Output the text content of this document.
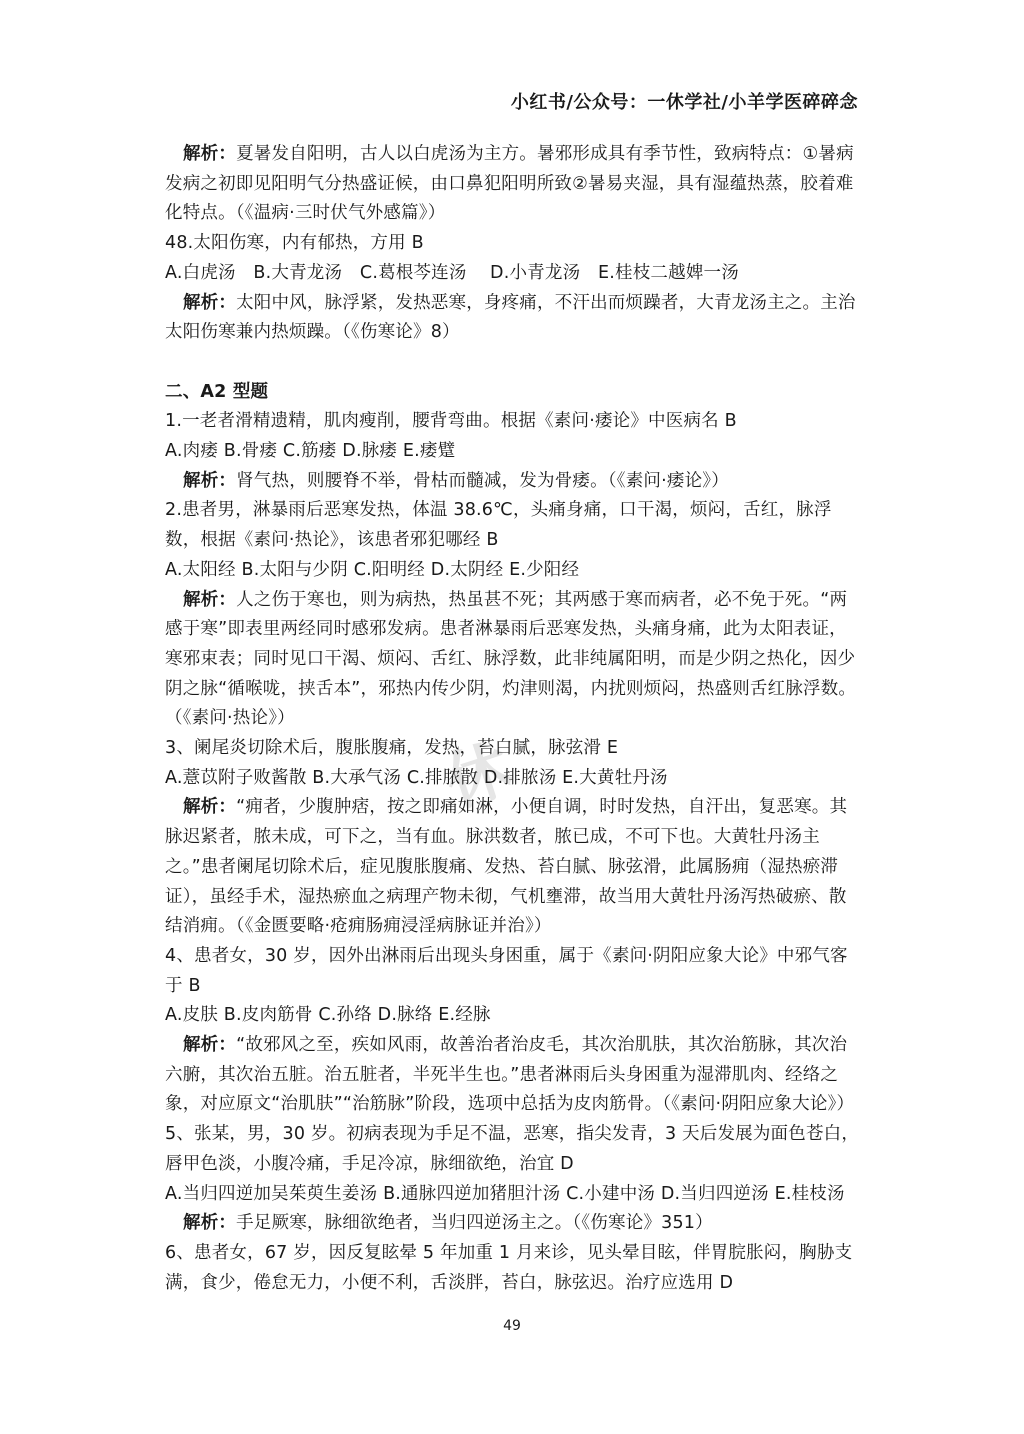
小红书/公众号：一休学社/小羊学医碎碎念
休

解析：夏暑发自阳明，古人以白虎汤为主方。暑邪形成具有季节性，致病特点：①暑病发病之初即见阳明气分热盛证候，由口鼻犯阳明所致②暑易夹湿，具有湿蕴热蒸，胶着难化特点。（《温病·三时伏气外感篇》）

48.太阳伤寒，内有郁热，方用 B

A.白虎汤　B.大青龙汤　C.葛根芩连汤　 D.小青龙汤　E.桂枝二越婢一汤

解析：太阳中风，脉浮紧，发热恶寒，身疼痛，不汗出而烦躁者，大青龙汤主之。主治太阳伤寒兼内热烦躁。（《伤寒论》8）

二、A2 型题

1.一老者滑精遗精，肌肉瘦削，腰背弯曲。根据《素问·痿论》中医病名 B

A.肉痿 B.骨痿 C.筋痿 D.脉痿 E.痿躄

解析：肾气热，则腰脊不举，骨枯而髓减，发为骨痿。（《素问·痿论》）

2.患者男，淋暴雨后恶寒发热，体温 38.6℃，头痛身痛，口干渴，烦闷，舌红，脉浮数，根据《素问·热论》，该患者邪犯哪经 B

A.太阳经 B.太阳与少阴 C.阳明经 D.太阴经 E.少阳经

解析：人之伤于寒也，则为病热，热虽甚不死；其两感于寒而病者，必不免于死。“两感于寒”即表里两经同时感邪发病。患者淋暴雨后恶寒发热，头痛身痛，此为太阳表证，寒邪束表；同时见口干渴、烦闷、舌红、脉浮数，此非纯属阳明，而是少阴之热化，因少阴之脉“循喉咙，挟舌本”，邪热内传少阴，灼津则渴，内扰则烦闷，热盛则舌红脉浮数。（《素问·热论》）

3、阑尾炎切除术后，腹胀腹痛，发热，苔白腻，脉弦滑 E

A.薏苡附子败酱散 B.大承气汤 C.排脓散 D.排脓汤 E.大黄牡丹汤

解析：“痈者，少腹肿痞，按之即痛如淋，小便自调，时时发热，自汗出，复恶寒。其脉迟紧者，脓未成，可下之，当有血。脉洪数者，脓已成，不可下也。大黄牡丹汤主之。”患者阑尾切除术后，症见腹胀腹痛、发热、苔白腻、脉弦滑，此属肠痈（湿热瘀滞证），虽经手术，湿热瘀血之病理产物未彻，气机壅滞，故当用大黄牡丹汤泻热破瘀、散结消痈。（《金匮要略·疮痈肠痈浸淫病脉证并治》）

4、患者女，30 岁，因外出淋雨后出现头身困重，属于《素问·阴阳应象大论》中邪气客于 B

A.皮肤 B.皮肉筋骨 C.孙络 D.脉络 E.经脉

解析：“故邪风之至，疾如风雨，故善治者治皮毛，其次治肌肤，其次治筋脉，其次治六腑，其次治五脏。治五脏者，半死半生也。”患者淋雨后头身困重为湿滞肌肉、经络之象，对应原文“治肌肤”“治筋脉”阶段，选项中总括为皮肉筋骨。（《素问·阴阳应象大论》）

5、张某，男，30 岁。初病表现为手足不温，恶寒，指尖发青，3 天后发展为面色苍白，唇甲色淡，小腹冷痛，手足冷凉，脉细欲绝，治宜 D

A.当归四逆加吴茱萸生姜汤 B.通脉四逆加猪胆汁汤 C.小建中汤 D.当归四逆汤 E.桂枝汤

解析：手足厥寒，脉细欲绝者，当归四逆汤主之。（《伤寒论》351）

6、患者女，67 岁，因反复眩晕 5 年加重 1 月来诊，见头晕目眩，伴胃脘胀闷，胸胁支满，食少，倦怠无力，小便不利，舌淡胖，苔白，脉弦迟。治疗应选用 D

49
